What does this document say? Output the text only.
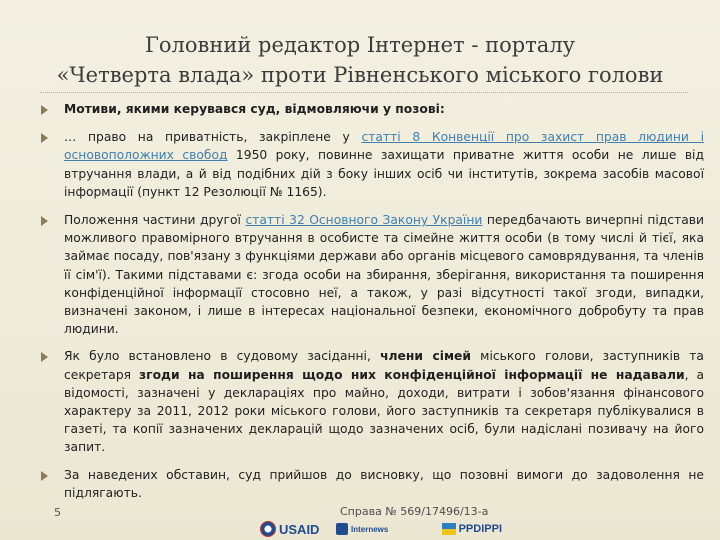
Головний редактор Інтернет - порталу
«Четверта влада» проти Рівненського міського голови

Мотиви, якими керувався суд, відмовляючи у позові:

… право на приватність, закріплене у статті 8 Конвенції про захист прав людини і основоположних свобод 1950 року, повинне захищати приватне життя особи не лише від втручання влади, а й від подібних дій з боку інших осіб чи інститутів, зокрема засобів масової інформації (пункт 12 Резолюції № 1165).

Положення частини другої статті 32 Основного Закону України передбачають вичерпні підстави можливого правомірного втручання в особисте та сімейне життя особи (в тому числі й тієї, яка займає посаду, пов'язану з функціями держави або органів місцевого самоврядування, та членів її сім'ї). Такими підставами є: згода особи на збирання, зберігання, використання та поширення конфіденційної інформації стосовно неї, а також, у разі відсутності такої згоди, випадки, визначені законом, і лише в інтересах національної безпеки, економічного добробуту та прав людини.

Як було встановлено в судовому засіданні, члени сімей міського голови, заступників та секретаря згоди на поширення щодо них конфіденційної інформації не надавали, а відомості, зазначені у деклараціях про майно, доходи, витрати і зобов'язання фінансового характеру за 2011, 2012 роки міського голови, його заступників та секретаря публікувалися в газеті, та копії зазначених декларацій щодо зазначених осіб, були надіслані позивачу на його запит.

За наведених обставин, суд прийшов до висновку, що позовні вимоги до задоволення не підлягають.

5	Справа № 569/17496/13-а
USAID	Internews	РРDІРРІ
